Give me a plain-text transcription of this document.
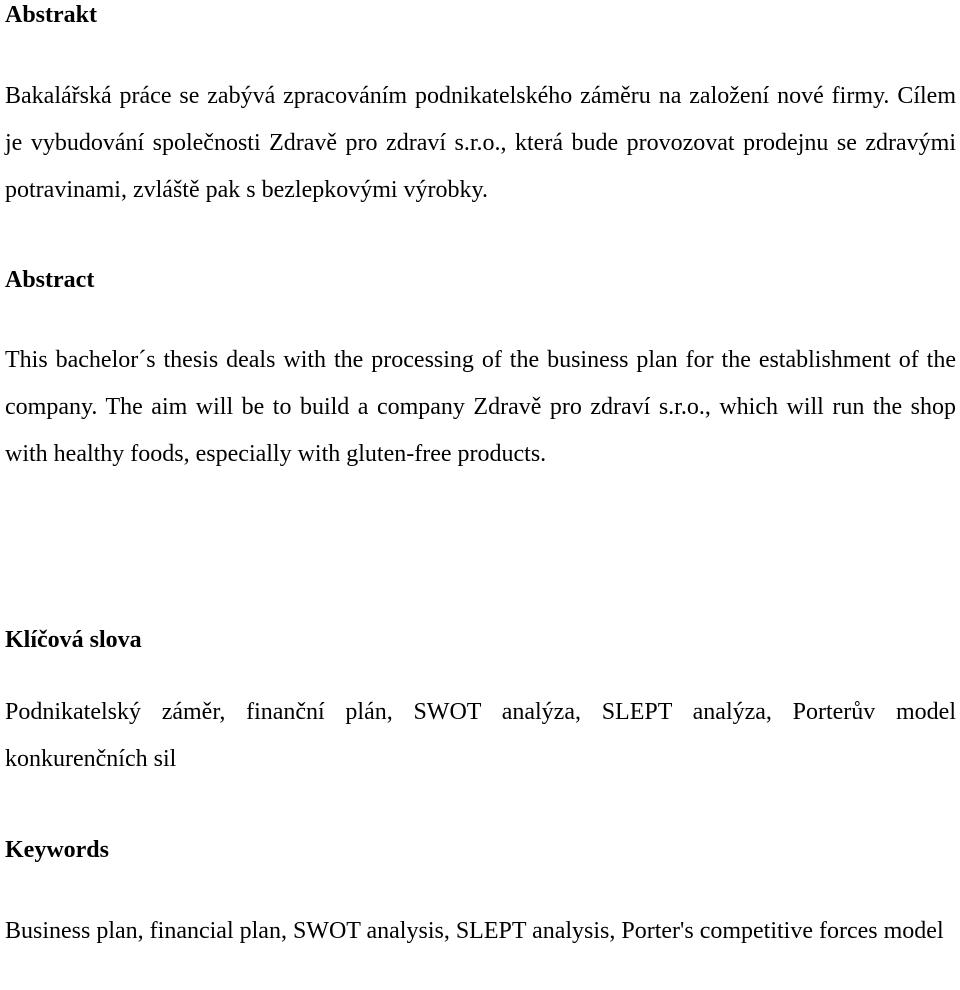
Abstrakt

Bakalářská práce se zabývá zpracováním podnikatelského záměru na založení nové firmy. Cílem je vybudování společnosti Zdravě pro zdraví s.r.o., která bude provozovat prodejnu se zdravými potravinami, zvláště pak s bezlepkovými výrobky.

Abstract

This bachelor´s thesis deals with the processing of the business plan for the establishment of the company. The aim will be to build a company Zdravě pro zdraví s.r.o., which will run the shop with healthy foods, especially with gluten-free products.

Klíčová slova

Podnikatelský záměr, finanční plán, SWOT analýza, SLEPT analýza, Porterův model konkurenčních sil

Keywords

Business plan, financial plan, SWOT analysis, SLEPT analysis, Porter's competitive forces model
